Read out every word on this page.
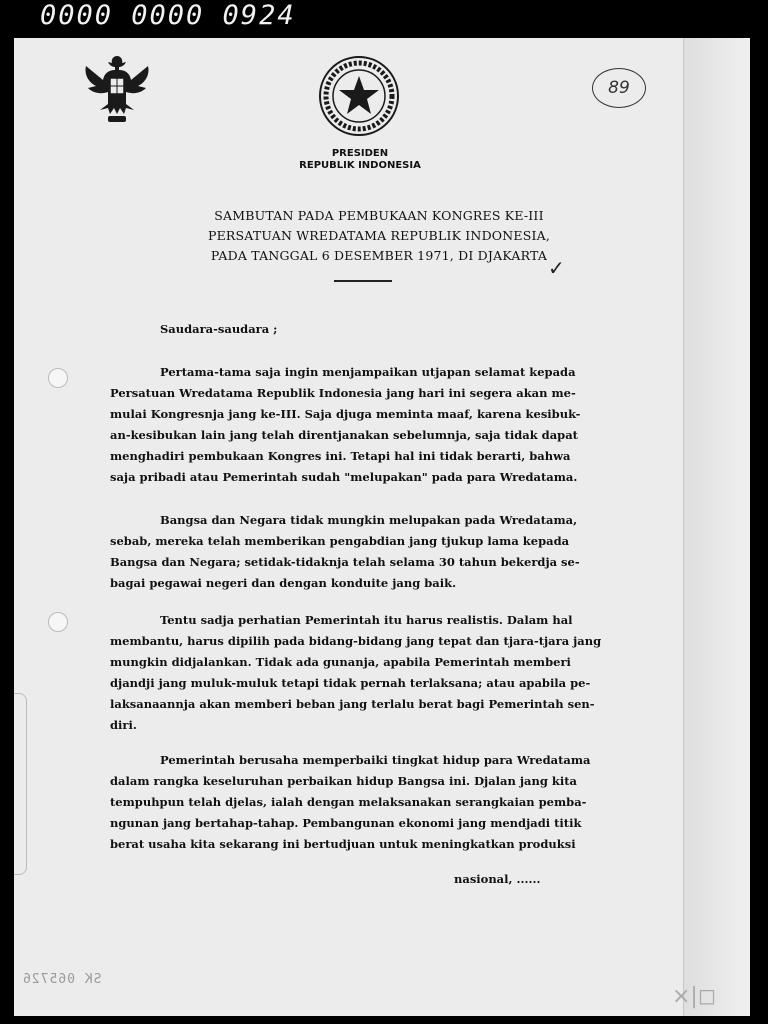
0000 0000 0924
89
PRESIDEN
REPUBLIK INDONESIA
SAMBUTAN PADA PEMBUKAAN KONGRES KE-III
PERSATUAN WREDATAMA REPUBLIK INDONESIA,
PADA TANGGAL 6 DESEMBER 1971, DI DJAKARTA
✓
Saudara-saudara ;
Pertama-tama saja ingin menjampaikan utjapan selamat kepada
Persatuan Wredatama Republik Indonesia jang hari ini segera akan me-
mulai Kongresnja jang ke-III. Saja djuga meminta maaf, karena kesibuk-
an-kesibukan lain jang telah direntjanakan sebelumnja, saja tidak dapat
menghadiri pembukaan Kongres ini. Tetapi hal ini tidak berarti, bahwa
saja pribadi atau Pemerintah sudah "melupakan" pada para Wredatama.
Bangsa dan Negara tidak mungkin melupakan pada Wredatama,
sebab, mereka telah memberikan pengabdian jang tjukup lama kepada
Bangsa dan Negara; setidak-tidaknja telah selama 30 tahun bekerdja se-
bagai pegawai negeri dan dengan konduite jang baik.
Tentu sadja perhatian Pemerintah itu harus realistis. Dalam hal
membantu, harus dipilih pada bidang-bidang jang tepat dan tjara-tjara jang
mungkin didjalankan. Tidak ada gunanja, apabila Pemerintah memberi
djandji jang muluk-muluk tetapi tidak pernah terlaksana; atau apabila pe-
laksanaannja akan memberi beban jang terlalu berat bagi Pemerintah sen-
diri.
Pemerintah berusaha memperbaiki tingkat hidup para Wredatama
dalam rangka keseluruhan perbaikan hidup Bangsa ini. Djalan jang kita
tempuhpun telah djelas, ialah dengan melaksanakan serangkaian pemba-
ngunan jang bertahap-tahap. Pembangunan ekonomi jang mendjadi titik
berat usaha kita sekarang ini bertudjuan untuk meningkatkan produksi
nasional, ......
SK 065726
×|◻
